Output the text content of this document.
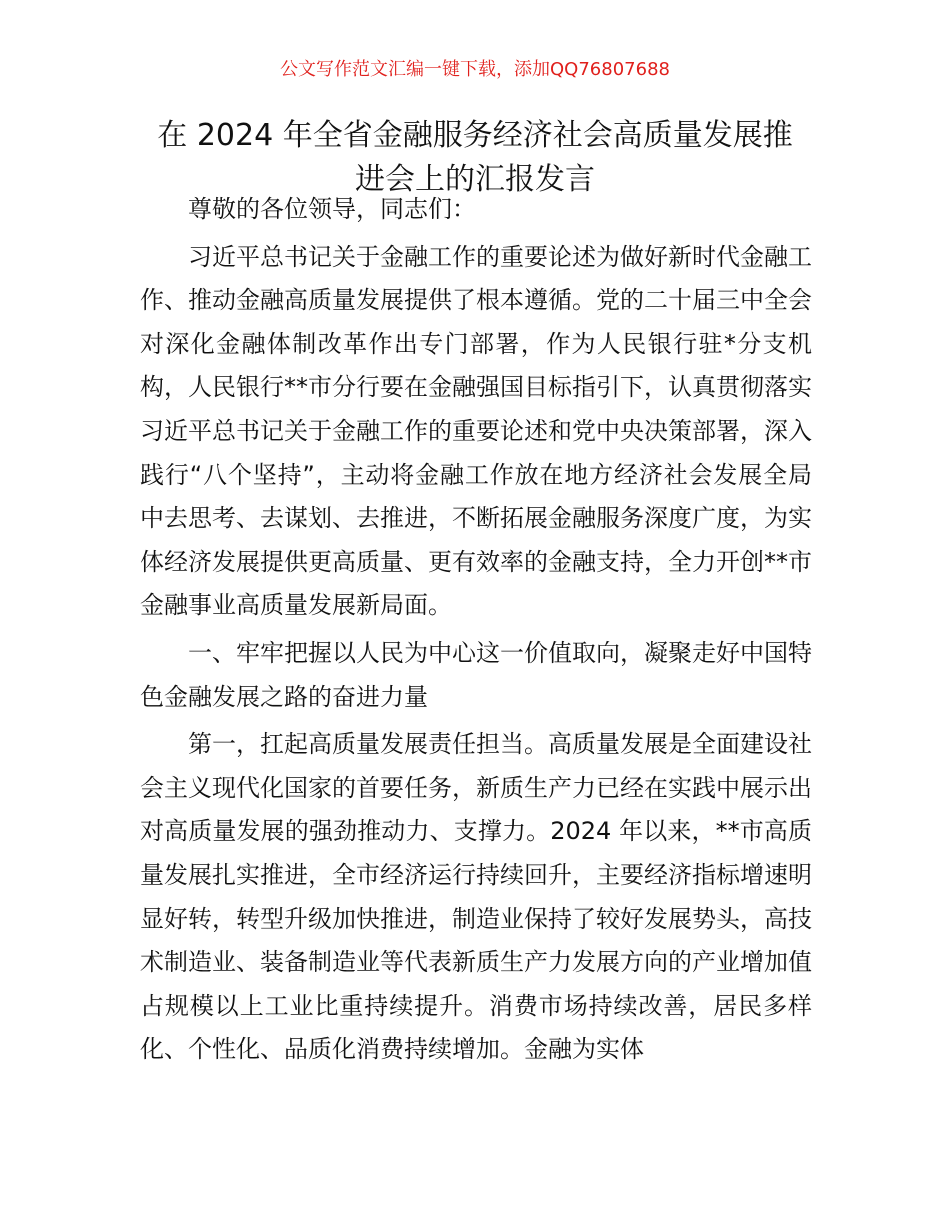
公文写作范文汇编一键下载，添加QQ76807688
在 2024 年全省金融服务经济社会高质量发展推
进会上的汇报发言

尊敬的各位领导，同志们：

习近平总书记关于金融工作的重要论述为做好新时代金融工作、推动金融高质量发展提供了根本遵循。党的二十届三中全会对深化金融体制改革作出专门部署，作为人民银行驻*分支机构，人民银行**市分行要在金融强国目标指引下，认真贯彻落实习近平总书记关于金融工作的重要论述和党中央决策部署，深入践行“八个坚持”，主动将金融工作放在地方经济社会发展全局中去思考、去谋划、去推进，不断拓展金融服务深度广度，为实体经济发展提供更高质量、更有效率的金融支持，全力开创**市金融事业高质量发展新局面。

一、牢牢把握以人民为中心这一价值取向，凝聚走好中国特色金融发展之路的奋进力量

第一，扛起高质量发展责任担当。高质量发展是全面建设社会主义现代化国家的首要任务，新质生产力已经在实践中展示出对高质量发展的强劲推动力、支撑力。2024 年以来，**市高质量发展扎实推进，全市经济运行持续回升，主要经济指标增速明显好转，转型升级加快推进，制造业保持了较好发展势头，高技术制造业、装备制造业等代表新质生产力发展方向的产业增加值占规模以上工业比重持续提升。消费市场持续改善，居民多样化、个性化、品质化消费持续增加。金融为实体
